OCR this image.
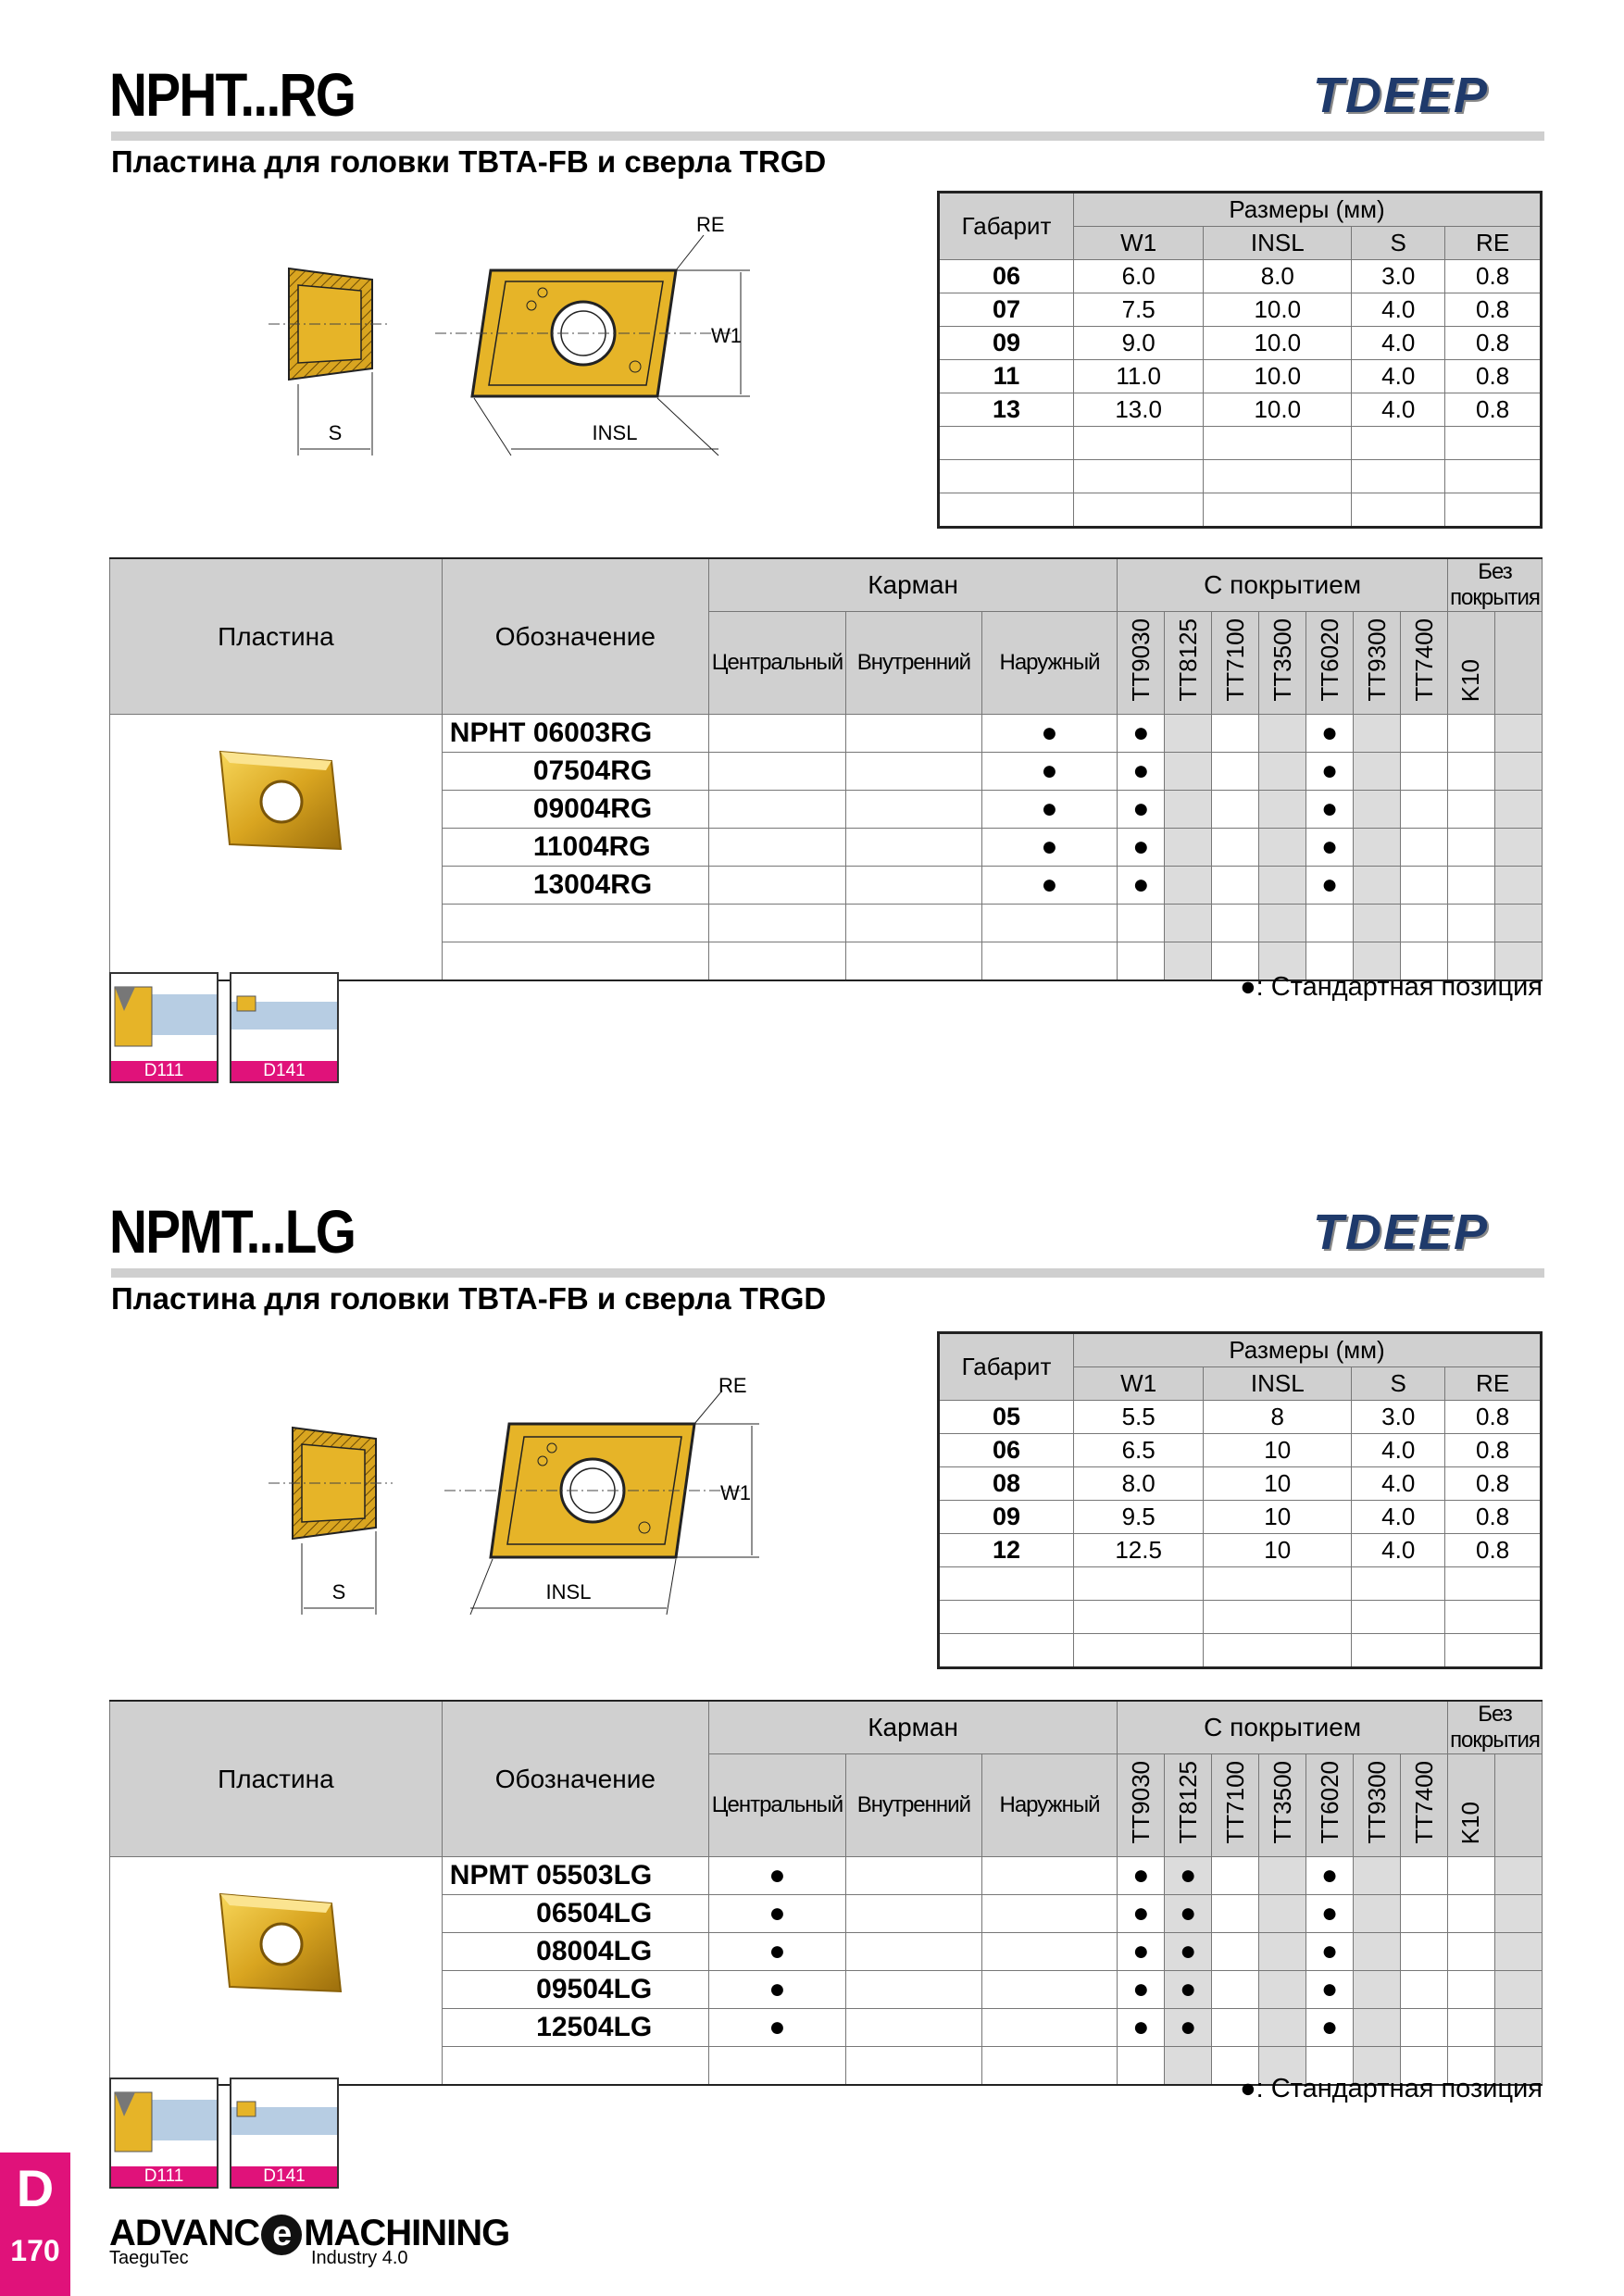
NPHT...RG	TDEEP
Пластина для головки TBTA-FB и сверла TRGD
S
W1
RE
INSL
Габарит	Размеры (мм)			
	W1	INSL	S	RE
06	6.0	8.0	3.0	0.8
07	7.5	10.0	4.0	0.8
09	9.0	10.0	4.0	0.8
11	11.0	10.0	4.0	0.8
13	13.0	10.0	4.0	0.8

Пластина	Обозначение	Карман			С покрытием							Без покрытия	
		Центральный	Внутренний	Наружный	TT9030	TT8125	TT7100	TT3500	TT6020	TT9300	TT7400	K10	
	NPHT 06003RG			●	●				●				
	07504RG			●	●				●				
	09004RG			●	●				●				
	11004RG			●	●				●				
	13004RG			●	●				●				

●: Стандартная позиция
D111	D141
NPMT...LG	TDEEP
Пластина для головки TBTA-FB и сверла TRGD
S
W1
RE
INSL
Габарит	Размеры (мм)			
	W1	INSL	S	RE
05	5.5	8	3.0	0.8
06	6.5	10	4.0	0.8
08	8.0	10	4.0	0.8
09	9.5	10	4.0	0.8
12	12.5	10	4.0	0.8

Пластина	Обозначение	Карман			С покрытием							Без покрытия	
		Центральный	Внутренний	Наружный	TT9030	TT8125	TT7100	TT3500	TT6020	TT9300	TT7400	K10	
	NPMT 05503LG	●			●	●			●				
	06504LG	●			●	●			●				
	08004LG	●			●	●			●				
	09504LG	●			●	●			●				
	12504LG	●			●	●			●				

●: Стандартная позиция
D111	D141
D
170 ADVANC e MACHINING
TaeguTec	Industry 4.0
